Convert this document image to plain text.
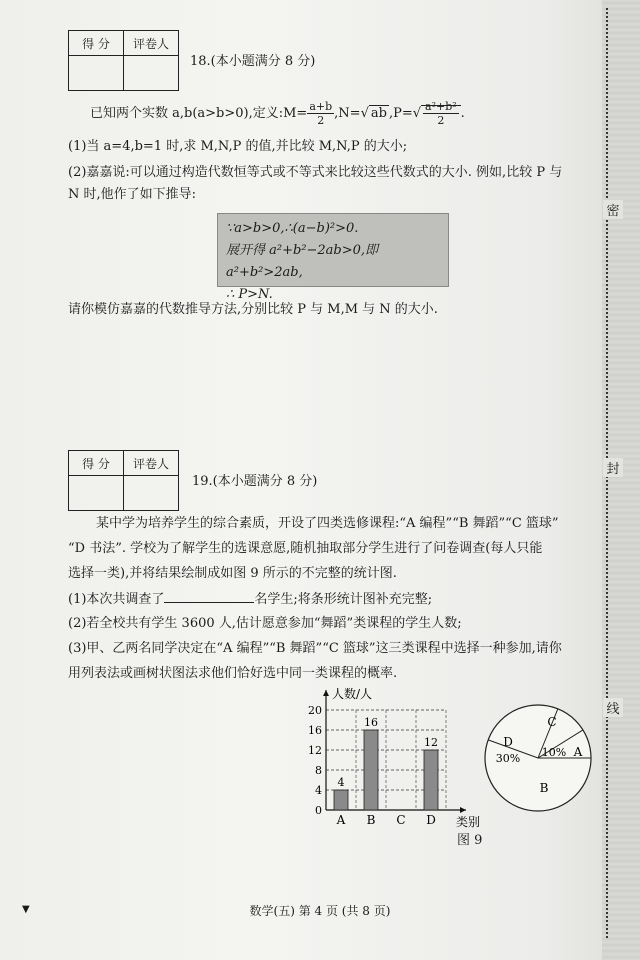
密
封
线
得 分	评卷人

18.(本小题满分 8 分)
已知两个实数 a,b(a>b>0),定义:M= $\frac{a+b}{2} ,N=√$ ab $,P=√ \frac{\text{a²+b²}}{2}$ .
(1)当 a=4,b=1 时,求 M,N,P 的值,并比较 M,N,P 的大小;
(2)嘉嘉说:可以通过构造代数恒等式或不等式来比较这些代数式的大小. 例如,比较 P 与
N 时,他作了如下推导:
∵a>b>0,∴(a−b)²>0.
展开得 a²+b²−2ab>0,即 a²+b²>2ab,
∴ P>N.
请你模仿嘉嘉的代数推导方法,分别比较 P 与 M,M 与 N 的大小.
得 分	评卷人

19.(本小题满分 8 分)
某中学为培养学生的综合素质，开设了四类选修课程:“A 编程”“B 舞蹈”“C 篮球”
“D 书法”. 学校为了解学生的选课意愿,随机抽取部分学生进行了问卷调查(每人只能
选择一类),并将结果绘制成如图 9 所示的不完整的统计图.
(1)本次共调查了	名学生;将条形统计图补充完整;
(2)若全校共有学生 3600 人,估计愿意参加“舞蹈”类课程的学生人数;
(3)甲、乙两名同学决定在“A 编程”“B 舞蹈”“C 篮球”这三类课程中选择一种参加,请你
用列表法或画树状图法求他们恰好选中同一类课程的概率.
0
4
8
12
16
20
4
16
12
A B C D
人数/人
类别
A
10%
B
C
D
30%
图 9
▼	数学(五) 第 4 页 (共 8 页)
